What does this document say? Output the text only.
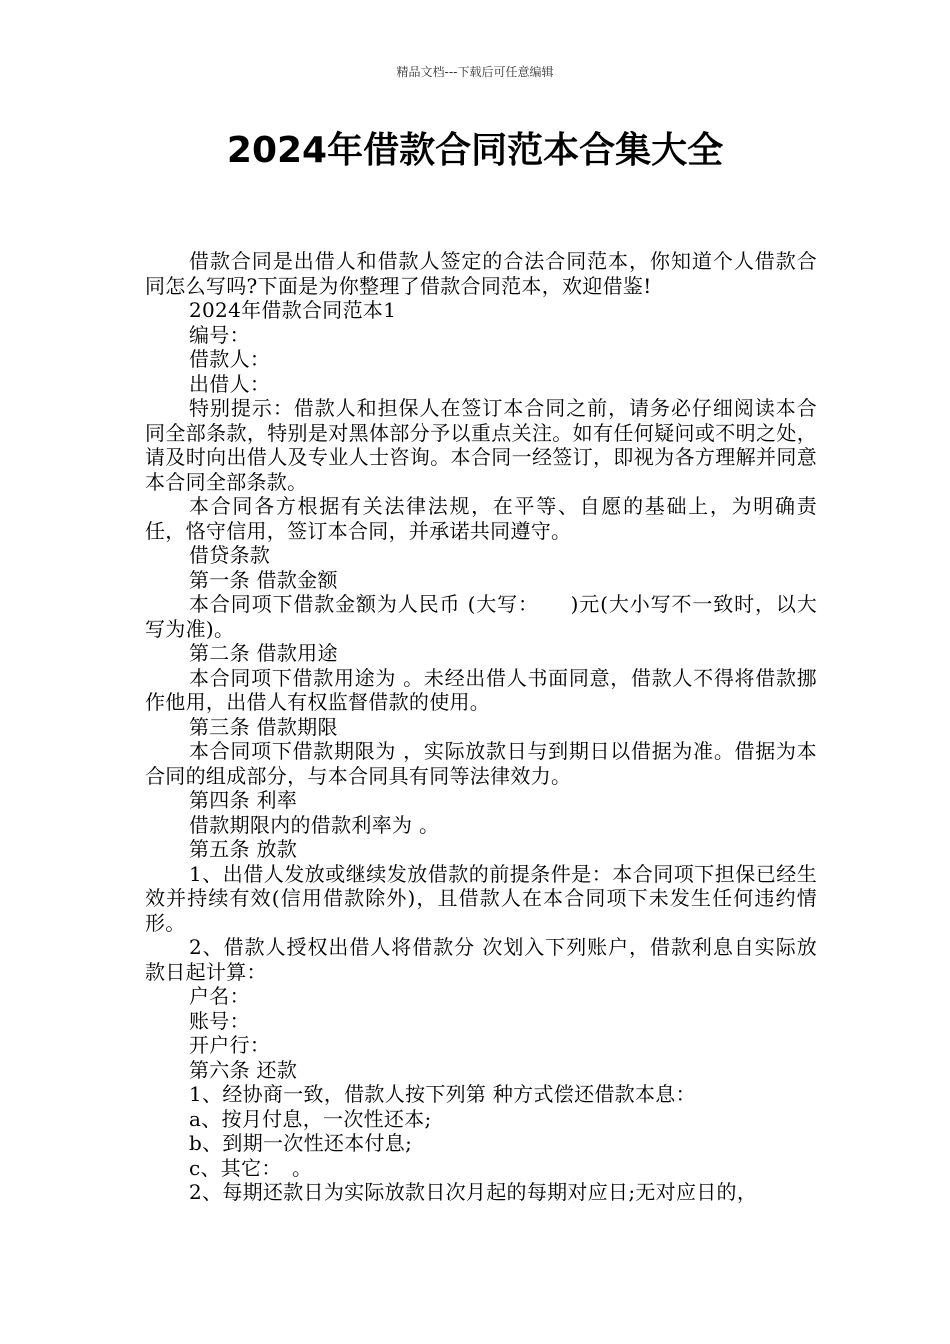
精品文档---下载后可任意编辑
2024年借款合同范本合集大全

借款合同是出借人和借款人签定的合法合同范本，你知道个人借款合同怎么写吗?下面是为你整理了借款合同范本，欢迎借鉴!

2024年借款合同范本1

编号：

借款人：

出借人：

特别提示：借款人和担保人在签订本合同之前，请务必仔细阅读本合同全部条款，特别是对黑体部分予以重点关注。如有任何疑问或不明之处，请及时向出借人及专业人士咨询。本合同一经签订，即视为各方理解并同意本合同全部条款。

本合同各方根据有关法律法规，在平等、自愿的基础上，为明确责任，恪守信用，签订本合同，并承诺共同遵守。

借贷条款

第一条 借款金额

本合同项下借款金额为人民币 (大写：　　)元(大小写不一致时，以大写为准)。

第二条 借款用途

本合同项下借款用途为 。未经出借人书面同意，借款人不得将借款挪作他用，出借人有权监督借款的使用。

第三条 借款期限

本合同项下借款期限为 ，实际放款日与到期日以借据为准。借据为本合同的组成部分，与本合同具有同等法律效力。

第四条 利率

借款期限内的借款利率为 。

第五条 放款

1、出借人发放或继续发放借款的前提条件是：本合同项下担保已经生效并持续有效(信用借款除外)，且借款人在本合同项下未发生任何违约情形。

2、借款人授权出借人将借款分 次划入下列账户，借款利息自实际放款日起计算：

户名：

账号：

开户行：

第六条 还款

1、经协商一致，借款人按下列第 种方式偿还借款本息：

a、按月付息，一次性还本;

b、到期一次性还本付息;

c、其它：　。

2、每期还款日为实际放款日次月起的每期对应日;无对应日的，
